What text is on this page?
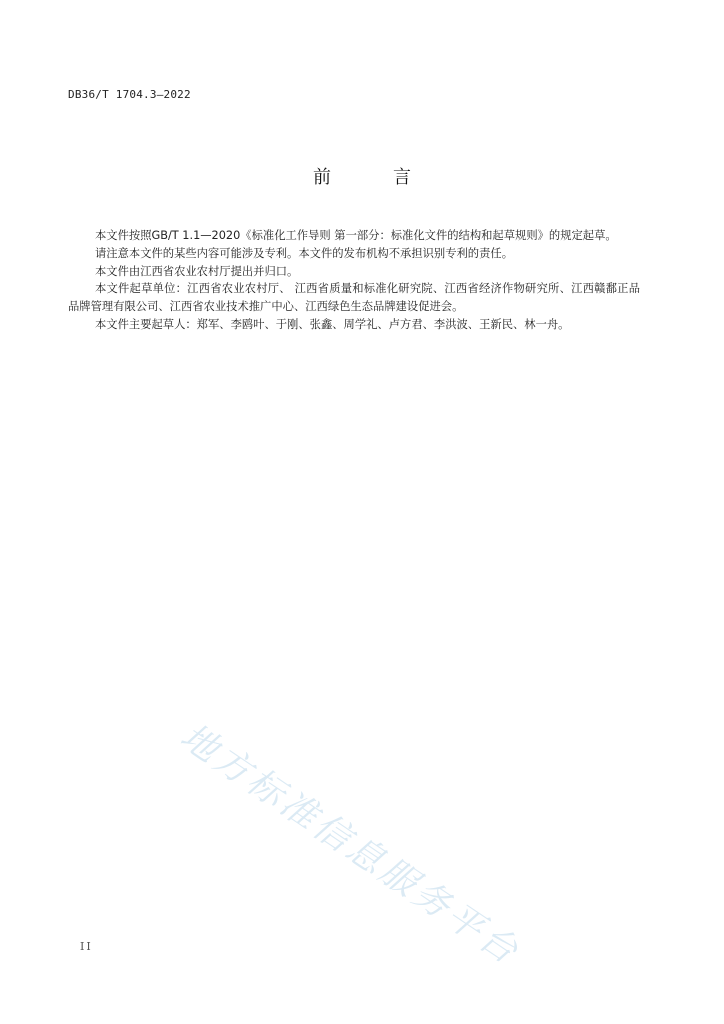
DB36/T 1704.3—2022
前　言

本文件按照GB/T 1.1—2020《标准化工作导则 第一部分：标准化文件的结构和起草规则》的规定起草。

请注意本文件的某些内容可能涉及专利。本文件的发布机构不承担识别专利的责任。

本文件由江西省农业农村厅提出并归口。

本文件起草单位：江西省农业农村厅、 江西省质量和标准化研究院、江西省经济作物研究所、江西赣鄱正品品牌管理有限公司、江西省农业技术推广中心、江西绿色生态品牌建设促进会。

本文件主要起草人：郑军、李鸥叶、于刚、张鑫、周学礼、卢方君、李洪波、王新民、林一舟。

地方标准信息服务平台
II
